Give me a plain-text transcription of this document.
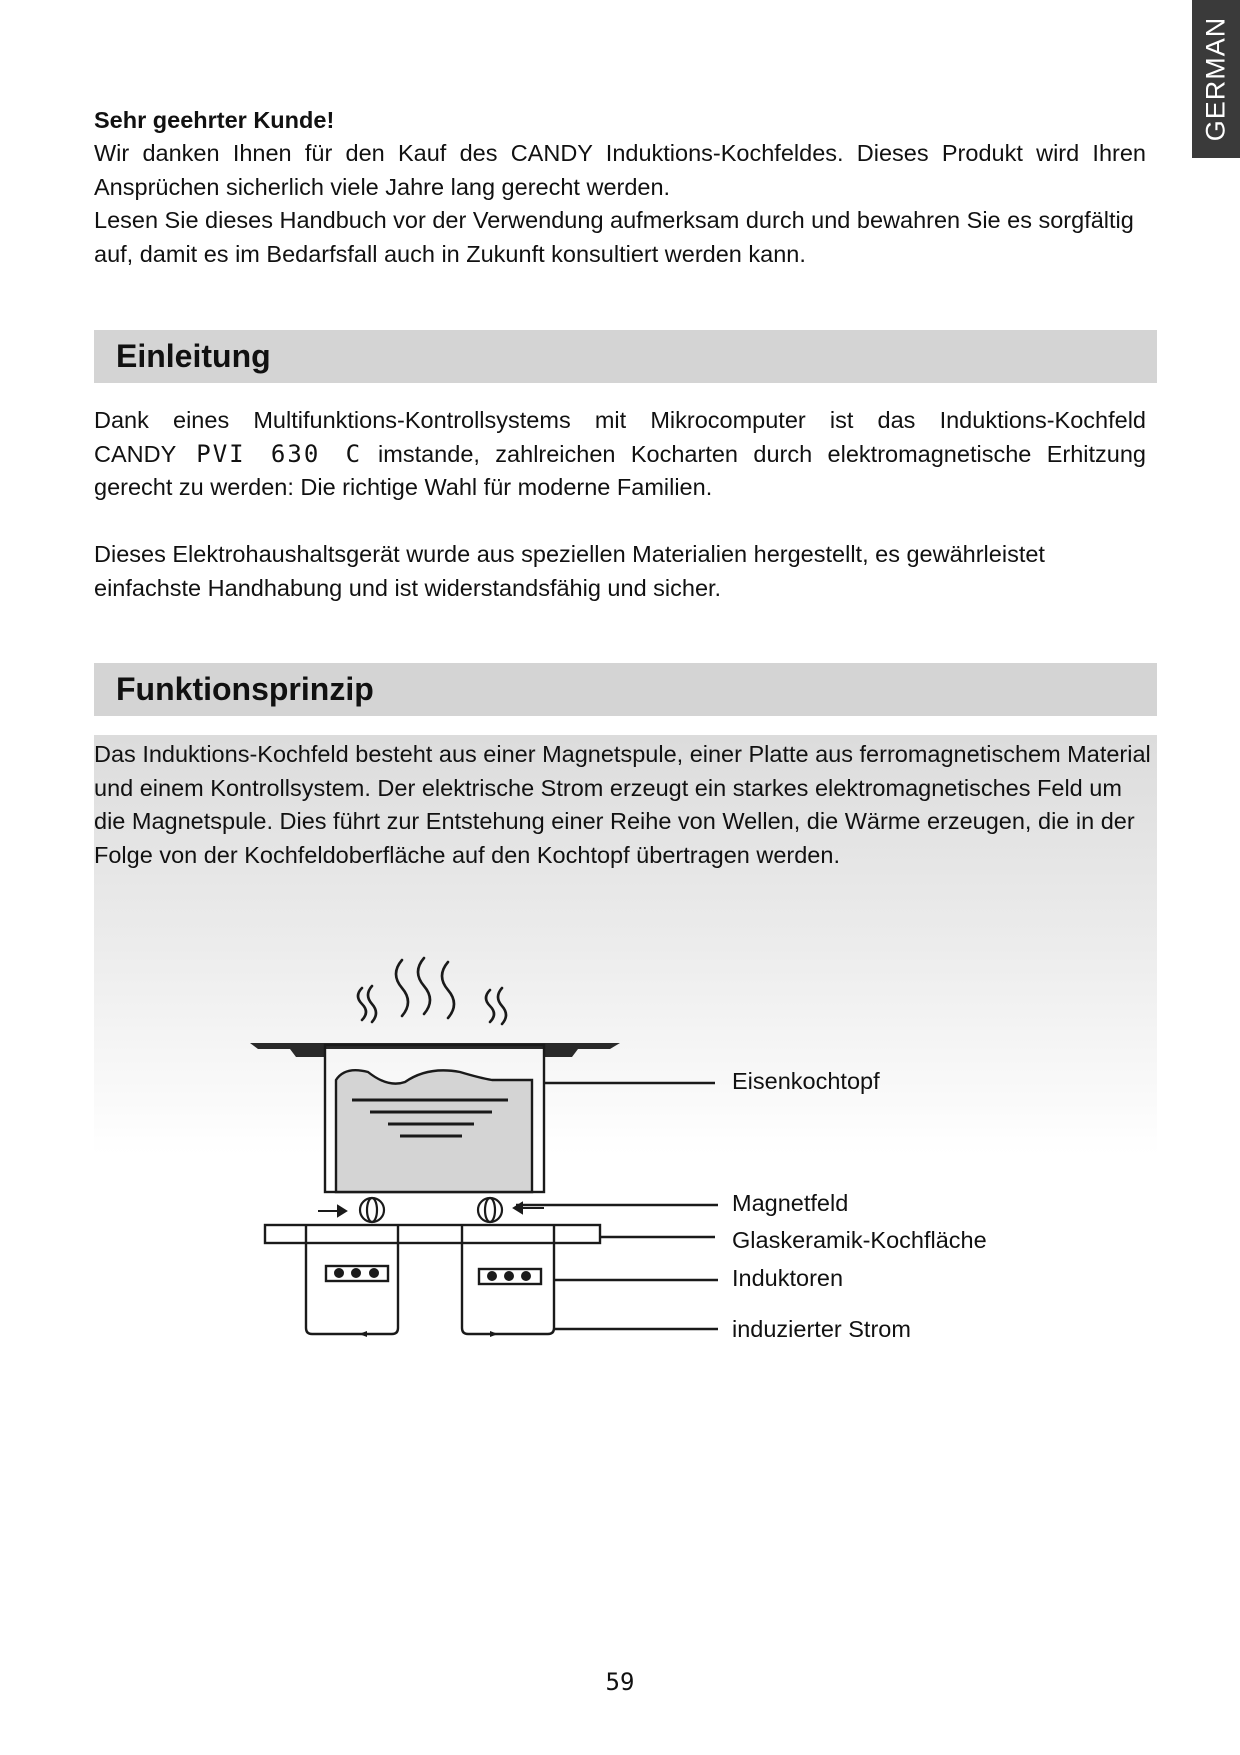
GERMAN

Sehr geehrter Kunde!

Wir danken Ihnen für den Kauf des CANDY Induktions-Kochfeldes. Dieses Produkt wird Ihren Ansprüchen sicherlich viele Jahre lang gerecht werden.

Lesen Sie dieses Handbuch vor der Verwendung aufmerksam durch und bewahren Sie es sorgfältig auf, damit es im Bedarfsfall auch in Zukunft konsultiert werden kann.

Einleitung

Dank eines Multifunktions-Kontrollsystems mit Mikrocomputer ist das Induktions-Kochfeld CANDY PVI 630 C imstande, zahlreichen Kocharten durch elektromagnetische Erhitzung gerecht zu werden: Die richtige Wahl für moderne Familien.

Dieses Elektrohaushaltsgerät wurde aus speziellen Materialien hergestellt, es gewährleistet einfachste Handhabung und ist widerstandsfähig und sicher.

Funktionsprinzip

Das Induktions-Kochfeld besteht aus einer Magnetspule, einer Platte aus ferromagnetischem Material und einem Kontrollsystem. Der elektrische Strom erzeugt ein starkes elektromagnetisches Feld um die Magnetspule. Dies führt zur Entstehung einer Reihe von Wellen, die Wärme erzeugen, die in der Folge von der Kochfeldoberfläche auf den Kochtopf übertragen werden.

Eisenkochtopf
Magnetfeld
Glaskeramik-Kochfläche
Induktoren
induzierter Strom
59
